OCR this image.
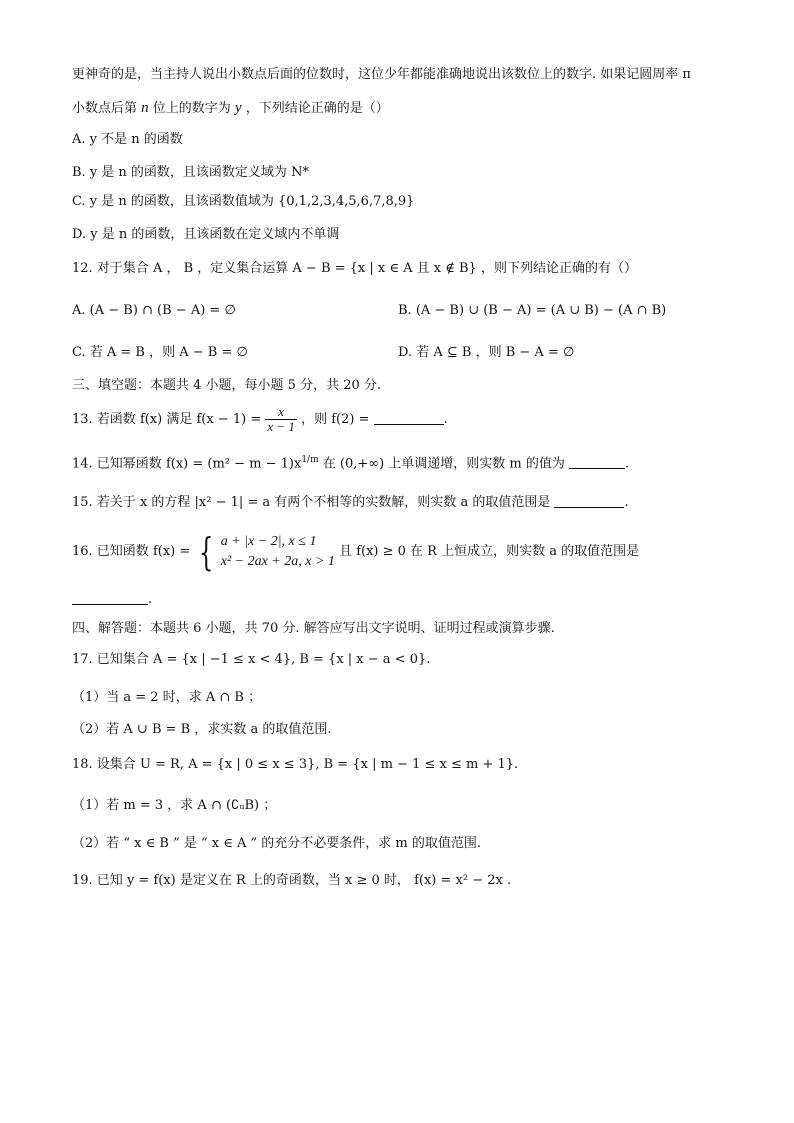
更神奇的是，当主持人说出小数点后面的位数时，这位少年都能准确地说出该数位上的数字. 如果记圆周率 π
小数点后第 n 位上的数字为 y ，下列结论正确的是（）
A. y 不是 n 的函数
B. y 是 n 的函数，且该函数定义域为 N*
C. y 是 n 的函数，且该函数值域为 {0,1,2,3,4,5,6,7,8,9}
D. y 是 n 的函数，且该函数在定义域内不单调
12. 对于集合 A ， B ，定义集合运算 A − B = {x | x ∈ A 且 x ∉ B} ，则下列结论正确的有（）
A. (A − B) ∩ (B − A) = ∅	B. (A − B) ∪ (B − A) = (A ∪ B) − (A ∩ B)
C. 若 A = B ，则 A − B = ∅	D. 若 A ⊆ B ，则 B − A = ∅
三、填空题：本题共 4 小题，每小题 5 分，共 20 分.
13. 若函数 f(x) 满足 $f(x - 1) = \frac{x}{x - 1}$ ，则 f(2) =	.
14. 已知幂函数 $f(x) = (m^2 - m - 1)x^{1/m}$ 在 (0,+∞) 上单调递增，则实数 m 的值为	.
15. 若关于 x 的方程 |x² − 1| = a 有两个不相等的实数解，则实数 a 的取值范围是	.
16. 已知函数 f(x) = { a + |x − 2|, x ≤ 1
x² − 2ax + 2a, x > 1
且 f(x) ≥ 0 在 R 上恒成立，则实数 a 的取值范围是
.
四、解答题：本题共 6 小题，共 70 分. 解答应写出文字说明、证明过程或演算步骤.
17. 已知集合 A = {x | −1 ≤ x < 4}, B = {x | x − a < 0}.
（1）当 a = 2 时，求 A ∩ B ；
（2）若 A ∪ B = B ，求实数 a 的取值范围.
18. 设集合 U = R, A = {x | 0 ≤ x ≤ 3}, B = {x | m − 1 ≤ x ≤ m + 1}.
（1）若 m = 3 ，求 A ∩ (∁ᵤB) ；
（2）若 “ x ∈ B ” 是 “ x ∈ A ” 的充分不必要条件，求 m 的取值范围.
19. 已知 y = f(x) 是定义在 R 上的奇函数，当 x ≥ 0 时， f(x) = x² − 2x .
